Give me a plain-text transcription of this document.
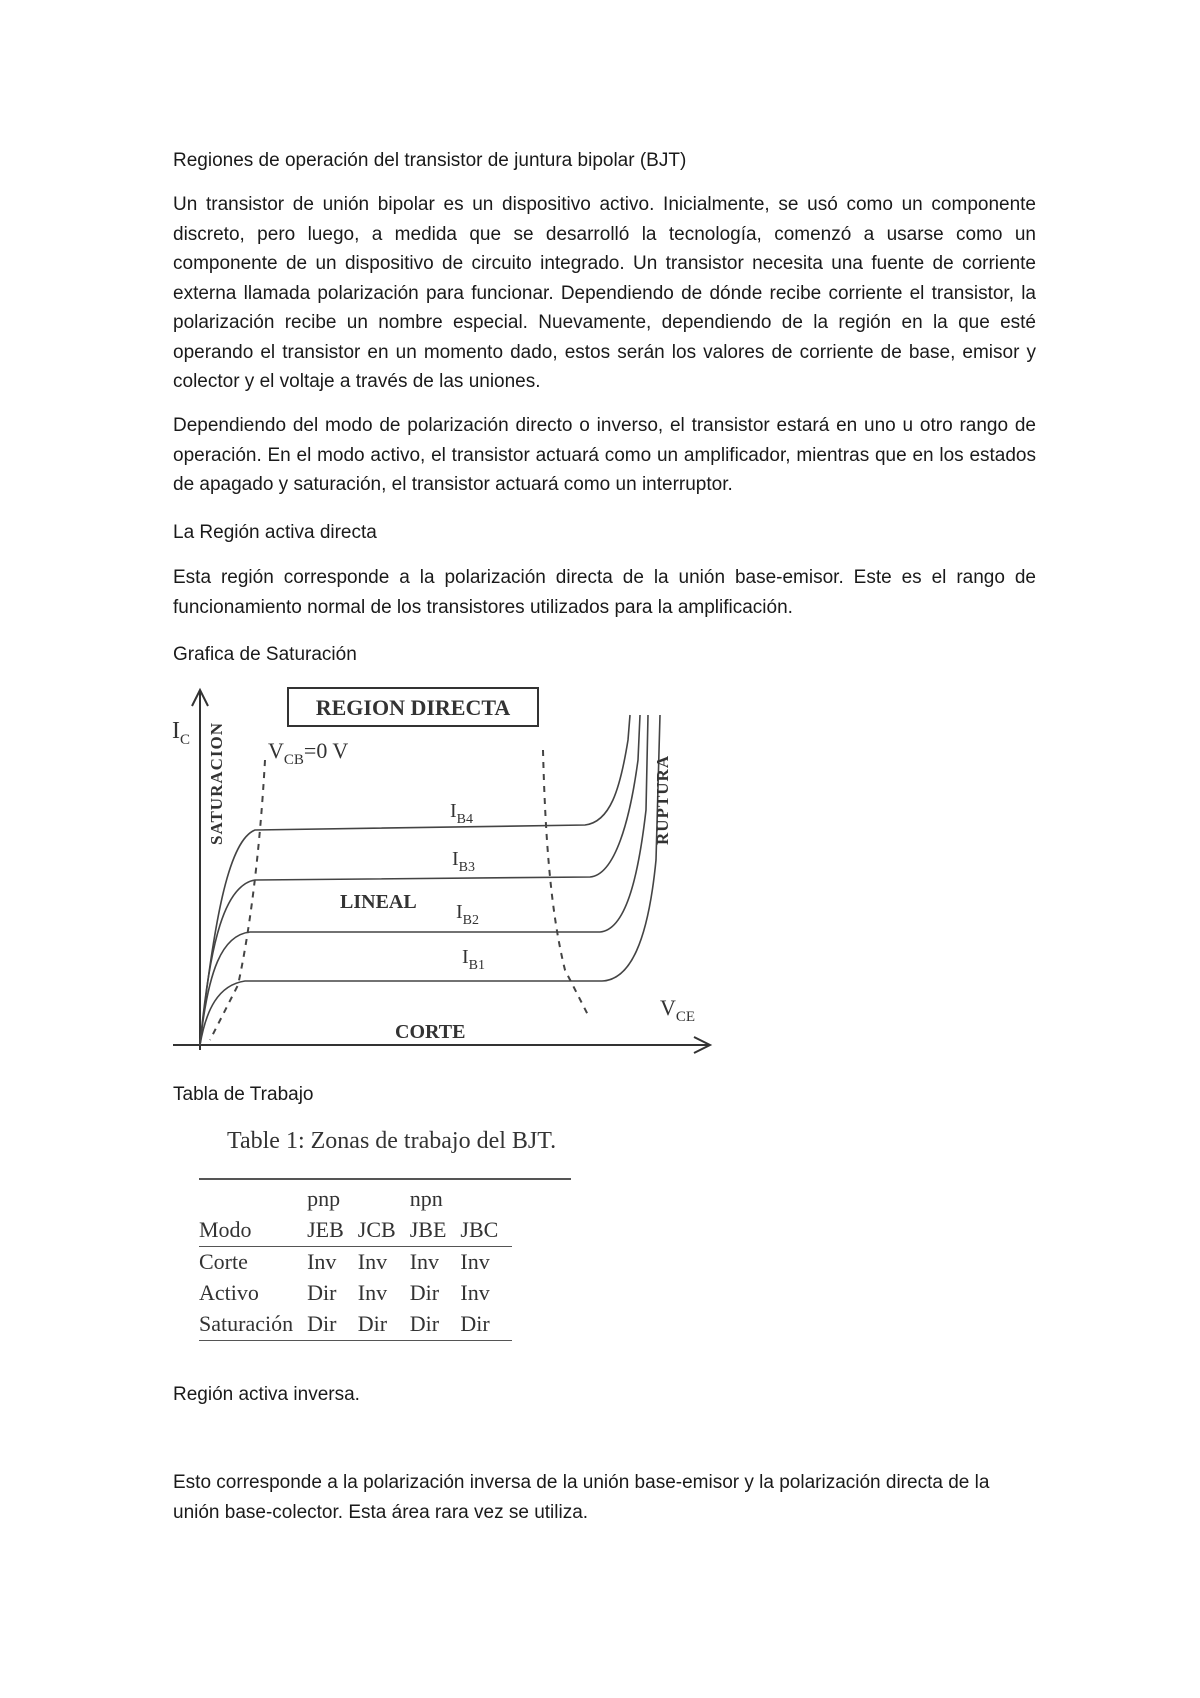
Regiones de operación del transistor de juntura bipolar (BJT)

Un transistor de unión bipolar es un dispositivo activo. Inicialmente, se usó como un componente discreto, pero luego, a medida que se desarrolló la tecnología, comenzó a usarse como un componente de un dispositivo de circuito integrado. Un transistor necesita una fuente de corriente externa llamada polarización para funcionar. Dependiendo de dónde recibe corriente el transistor, la polarización recibe un nombre especial. Nuevamente, dependiendo de la región en la que esté operando el transistor en un momento dado, estos serán los valores de corriente de base, emisor y colector y el voltaje a través de las uniones.

Dependiendo del modo de polarización directo o inverso, el transistor estará en uno u otro rango de operación. En el modo activo, el transistor actuará como un amplificador, mientras que en los estados de apagado y saturación, el transistor actuará como un interruptor.

La Región activa directa

Esta región corresponde a la polarización directa de la unión base-emisor. Este es el rango de funcionamiento normal de los transistores utilizados para la amplificación.

Grafica de Saturación

REGION DIRECTA
SATURACION	RUPTURA
$I_C$	$V_{CB}=0$ V
$I_{B4}$
$I_{B3}$
$I_{B2}$
$I_{B1}$
LINEAL
CORTE
$V_{CE}$

Tabla de Trabajo

Table 1: Zonas de trabajo del BJT.
	pnp		npn	
Modo	JEB	JCB	JBE	JBC
Corte	Inv	Inv	Inv	Inv
Activo	Dir	Inv	Dir	Inv
Saturación	Dir	Dir	Dir	Dir

Región activa inversa.

Esto corresponde a la polarización inversa de la unión base-emisor y la polarización directa de la unión base-colector. Esta área rara vez se utiliza.
